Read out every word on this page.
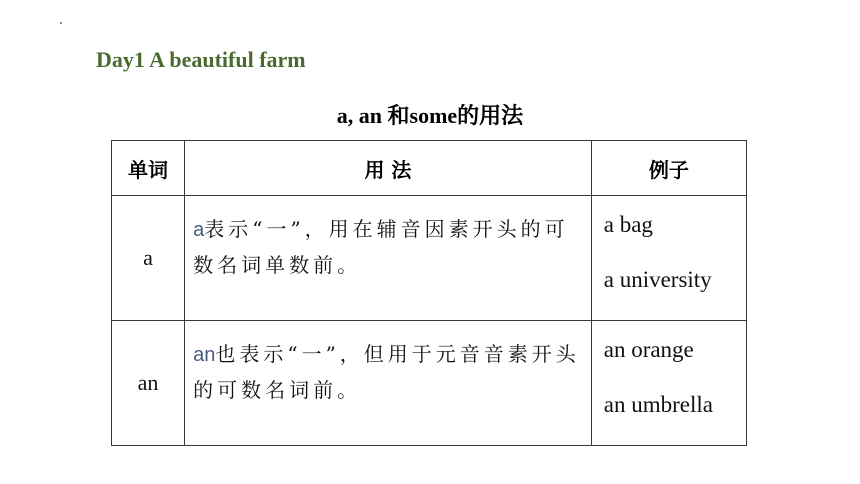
Day1 A beautiful farm
a, an 和some的用法
单词	用 法	例子
a	a表示“一”，用在辅音因素开头的可数名词单数前。	a bag
a university

an	an也表示“一”，但用于元音音素开头的可数名词前。	an orange
an umbrella
